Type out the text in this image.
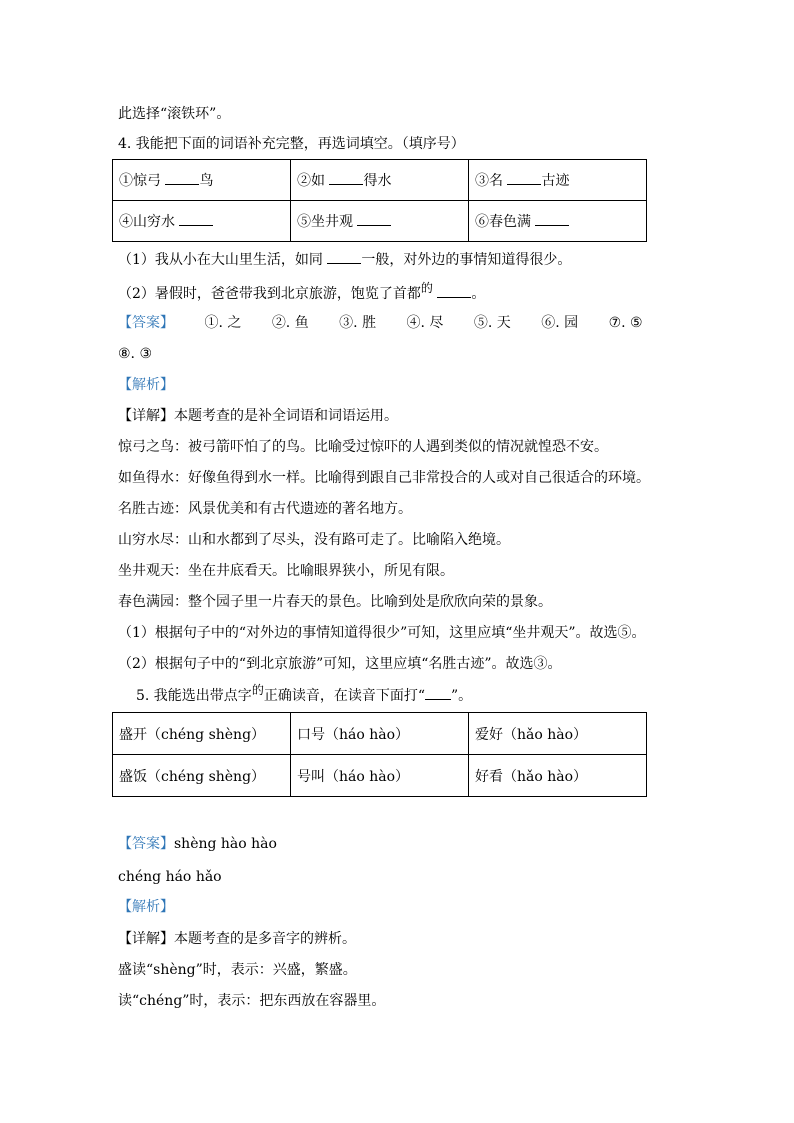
此选择“滚铁环”。
4. 我能把下面的词语补充完整，再选词填空。（填序号）
①惊弓 鸟	②如 得水	③名 古迹
④山穷水	⑤坐井观	⑥春色满
（1）我从小在大山里生活，如同	一般，对外边的事情知道得很少。
（2）暑假时，爸爸带我到北京旅游，饱览了首都的	。
【答案】 ①. 之 ②. 鱼 ③. 胜 ④. 尽 ⑤. 天 ⑥. 园 ⑦. ⑤
⑧. ③
【解析】
【详解】本题考查的是补全词语和词语运用。
惊弓之鸟：被弓箭吓怕了的鸟。比喻受过惊吓的人遇到类似的情况就惶恐不安。
如鱼得水：好像鱼得到水一样。比喻得到跟自己非常投合的人或对自己很适合的环境。
名胜古迹：风景优美和有古代遗迹的著名地方。
山穷水尽：山和水都到了尽头，没有路可走了。比喻陷入绝境。
坐井观天：坐在井底看天。比喻眼界狭小，所见有限。
春色满园：整个园子里一片春天的景色。比喻到处是欣欣向荣的景象。
（1）根据句子中的“对外边的事情知道得很少”可知，这里应填“坐井观天”。故选⑤。
（2）根据句子中的“到北京旅游”可知，这里应填“名胜古迹”。故选③。
5. 我能选出带点字的正确读音，在读音下面打“ ”。
盛开（chéng shèng）	口号（háo hào）	爱好（hǎo hào）
盛饭（chéng shèng）	号叫（háo hào）	好看（hǎo hào）
【答案】shèng hào hào
chéng háo hǎo
【解析】
【详解】本题考查的是多音字的辨析。
盛读“shèng”时，表示：兴盛，繁盛。
读“chéng”时，表示：把东西放在容器里。
